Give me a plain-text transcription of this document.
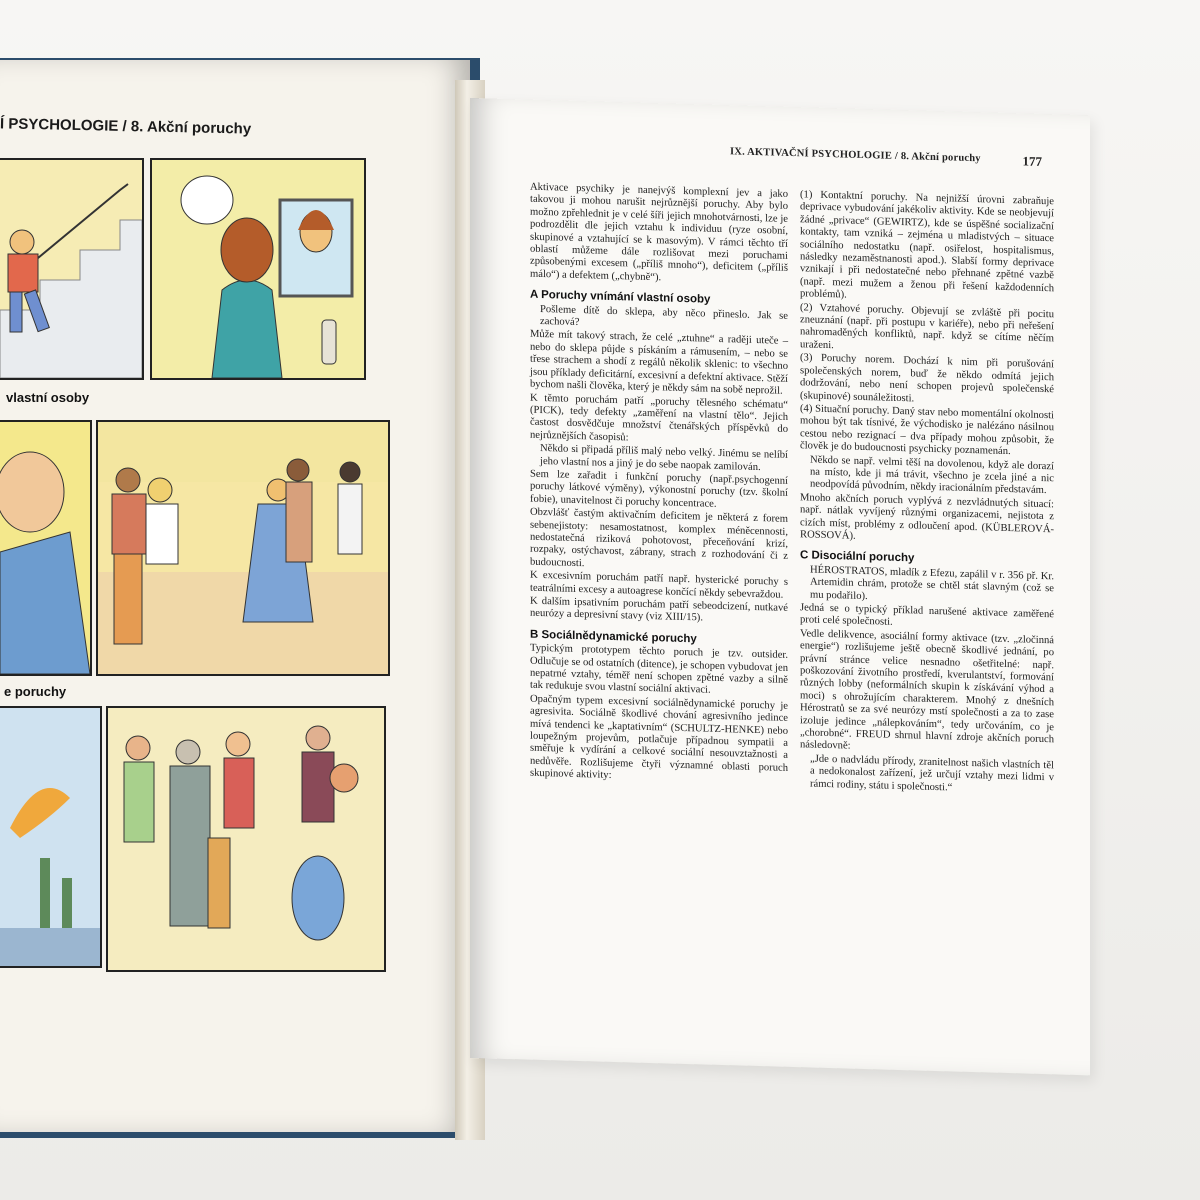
Í PSYCHOLOGIE / 8. Akční poruchy
vlastní osoby
e poruchy
IX. AKTIVAČNÍ PSYCHOLOGIE / 8. Akční poruchy	177

Aktivace psychiky je nanejvýš komplexní jev a jako takovou ji mohou narušit nejrůznější poruchy. Aby bylo možno zpřehlednit je v celé šíři jejich mnohotvárnosti, lze je podrozdělit dle jejich vztahu k individuu (ryze osobní, skupinové a vztahující se k masovým). V rámci těchto tří oblastí můžeme dále rozlišovat mezi poruchami způsobenými excesem („příliš mnoho“), deficitem („příliš málo“) a defektem („chybně“).

A Poruchy vnímání vlastní osoby

Pošleme dítě do sklepa, aby něco přineslo. Jak se zachová?

Může mít takový strach, že celé „ztuhne“ a raději uteče – nebo do sklepa půjde s pískáním a rámusením, – nebo se třese strachem a shodí z regálů několik sklenic: to všechno jsou příklady deficitární, excesivní a defektní aktivace. Stěží bychom našli člověka, který je někdy sám na sobě neprožil.

K těmto poruchám patří „poruchy tělesného schématu“ (PICK), tedy defekty „zaměření na vlastní tělo“. Jejich častost dosvědčuje množství čtenářských příspěvků do nejrůznějších časopisů:

Někdo si připadá příliš malý nebo velký. Jinému se nelíbí jeho vlastní nos a jiný je do sebe naopak zamilován.

Sem lze zařadit i funkční poruchy (např.psychogenní poruchy látkové výměny), výkonostní poruchy (tzv. školní fobie), unavitelnost či poruchy koncentrace.

Obzvlášť častým aktivačním deficitem je některá z forem sebenejistoty: nesamostatnost, komplex méněcennosti, nedostatečná riziková pohotovost, přeceňování krizí, rozpaky, ostýchavost, zábrany, strach z rozhodování či z budoucnosti.

K excesivním poruchám patří např. hysterické poruchy s teatrálními excesy a autoagrese končící někdy sebevraždou.

K dalším ipsativním poruchám patří sebeodcizení, nutkavé neurózy a depresivní stavy (viz XIII/15).

B Sociálnědynamické poruchy

Typickým prototypem těchto poruch je tzv. outsider. Odlučuje se od ostatních (ditence), je schopen vybudovat jen nepatrné vztahy, téměř není schopen zpětné vazby a silně tak redukuje svou vlastní sociální aktivaci.

Opačným typem excesivní sociálnědynamické poruchy je agresivita. Sociálně škodlivé chování agresivního jedince mívá tendenci ke „kaptativním“ (SCHULTZ-HENKE) nebo loupežným projevům, potlačuje případnou sympatii a směřuje k vydírání a celkové sociální nesouvztažnosti a nedůvěře. Rozlišujeme čtyři významné oblasti poruch skupinové aktivity:

(1) Kontaktní poruchy. Na nejnižší úrovni zabraňuje deprivace vybudování jakékoliv aktivity. Kde se neobjevují žádné „privace“ (GEWIRTZ), kde se úspěšné socializační kontakty, tam vzniká – zejména u mladistvých – situace sociálního nedostatku (např. osiřelost, hospitalismus, následky nezaměstnanosti apod.). Slabší formy deprivace vznikají i při nedostatečné nebo přehnané zpětné vazbě (např. mezi mužem a ženou při řešení každodenních problémů).

(2) Vztahové poruchy. Objevují se zvláště při pocitu zneuznání (např. při postupu v kariéře), nebo při neřešení nahromaděných konfliktů, např. když se cítíme něčím uraženi.

(3) Poruchy norem. Dochází k nim při porušování společenských norem, buď že někdo odmítá jejich dodržování, nebo není schopen projevů společenské (skupinové) sounáležitosti.

(4) Situační poruchy. Daný stav nebo momentální okolnosti mohou být tak tísnivé, že východisko je nalézáno násilnou cestou nebo rezignací – dva případy mohou způsobit, že člověk je do budoucnosti psychicky poznamenán.

Někdo se např. velmi těší na dovolenou, když ale dorazí na místo, kde ji má trávit, všechno je zcela jiné a nic neodpovídá původním, někdy iracionálním představám.

Mnoho akčních poruch vyplývá z nezvládnutých situací: např. nátlak vyvíjený různými organizacemi, nejistota z cizích míst, problémy z odloučení apod. (KÜBLEROVÁ-ROSSOVÁ).

C Disociální poruchy

HÉROSTRATOS, mladík z Efezu, zapálil v r. 356 př. Kr. Artemidin chrám, protože se chtěl stát slavným (což se mu podařilo).

Jedná se o typický příklad narušené aktivace zaměřené proti celé společnosti.

Vedle delikvence, asociální formy aktivace (tzv. „zločinná energie“) rozlišujeme ještě obecně škodlivé jednání, po právní stránce velice nesnadno ošetřitelné: např. poškozování životního prostředí, kverulantství, formování různých lobby (neformálních skupin k získávání výhod a moci) s ohrožujícím charakterem. Mnohý z dnešních Hérostratů se za své neurózy mstí společnosti a za to zase izoluje jedince „nálepkováním“, tedy určováním, co je „chorobné“. FREUD shrnul hlavní zdroje akčních poruch následovně:

„Jde o nadvládu přírody, zranitelnost našich vlastních těl a nedokonalost zařízení, jež určují vztahy mezi lidmi v rámci rodiny, státu i společnosti.“
